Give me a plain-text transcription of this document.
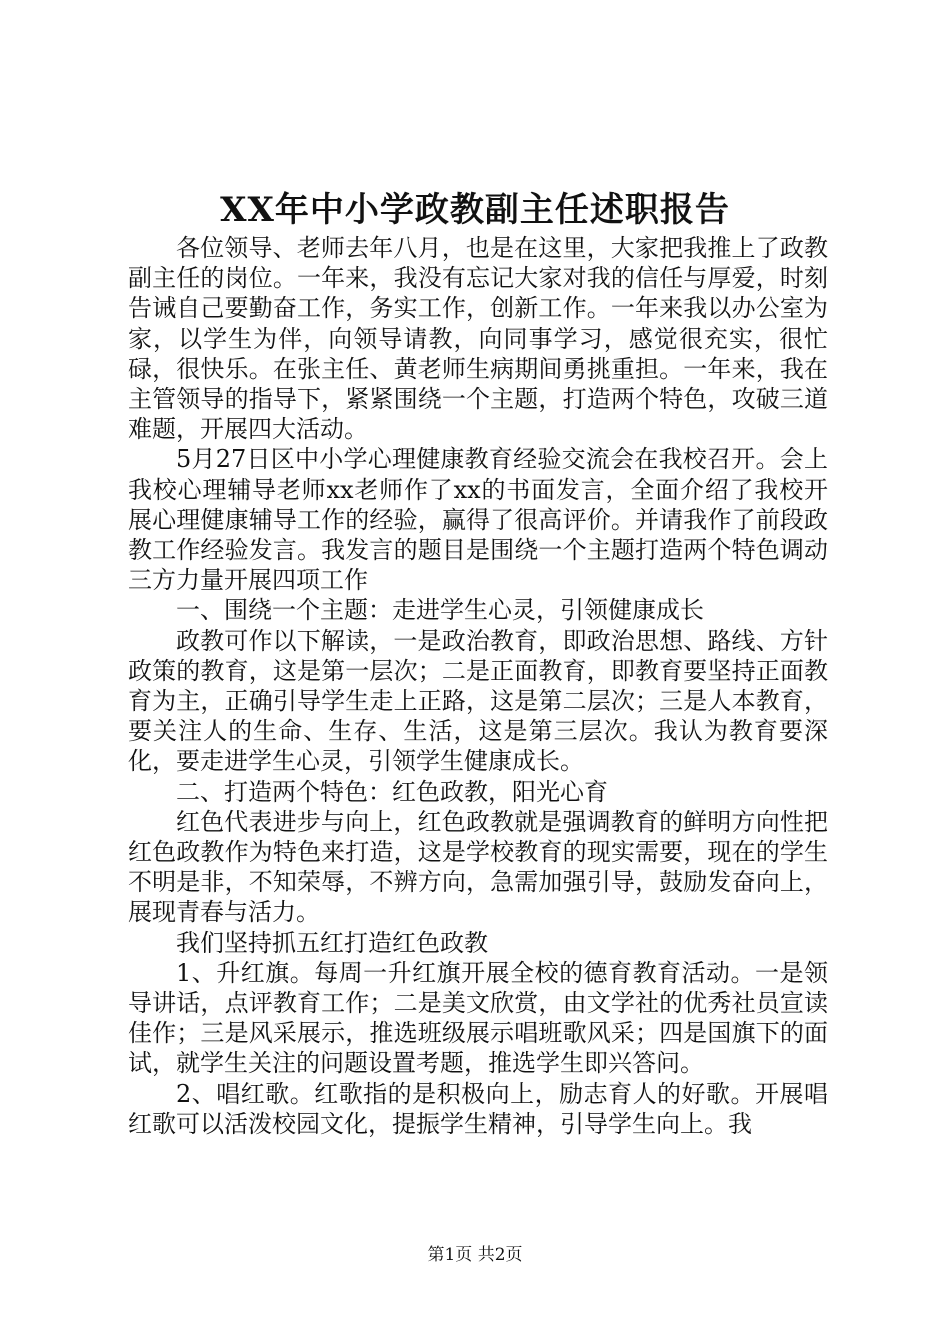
XX年中小学政教副主任述职报告

各位领导、老师去年八月，也是在这里，大家把我推上了政教副主任的岗位。一年来，我没有忘记大家对我的信任与厚爱，时刻告诫自己要勤奋工作，务实工作，创新工作。一年来我以办公室为家，以学生为伴，向领导请教，向同事学习，感觉很充实，很忙碌，很快乐。在张主任、黄老师生病期间勇挑重担。一年来，我在主管领导的指导下，紧紧围绕一个主题，打造两个特色，攻破三道难题，开展四大活动。

5月27日区中小学心理健康教育经验交流会在我校召开。会上我校心理辅导老师xx老师作了xx的书面发言，全面介绍了我校开展心理健康辅导工作的经验，赢得了很高评价。并请我作了前段政教工作经验发言。我发言的题目是围绕一个主题打造两个特色调动三方力量开展四项工作

一、围绕一个主题：走进学生心灵，引领健康成长

政教可作以下解读，一是政治教育，即政治思想、路线、方针政策的教育，这是第一层次；二是正面教育，即教育要坚持正面教育为主，正确引导学生走上正路，这是第二层次；三是人本教育，要关注人的生命、生存、生活，这是第三层次。我认为教育要深化，要走进学生心灵，引领学生健康成长。

二、打造两个特色：红色政教，阳光心育

红色代表进步与向上，红色政教就是强调教育的鲜明方向性把红色政教作为特色来打造，这是学校教育的现实需要，现在的学生不明是非，不知荣辱，不辨方向，急需加强引导，鼓励发奋向上，展现青春与活力。

我们坚持抓五红打造红色政教

1、升红旗。每周一升红旗开展全校的德育教育活动。一是领导讲话，点评教育工作；二是美文欣赏，由文学社的优秀社员宣读佳作；三是风采展示，推选班级展示唱班歌风采；四是国旗下的面试，就学生关注的问题设置考题，推选学生即兴答问。

2、唱红歌。红歌指的是积极向上，励志育人的好歌。开展唱红歌可以活泼校园文化，提振学生精神，引导学生向上。我

第1页 共2页
